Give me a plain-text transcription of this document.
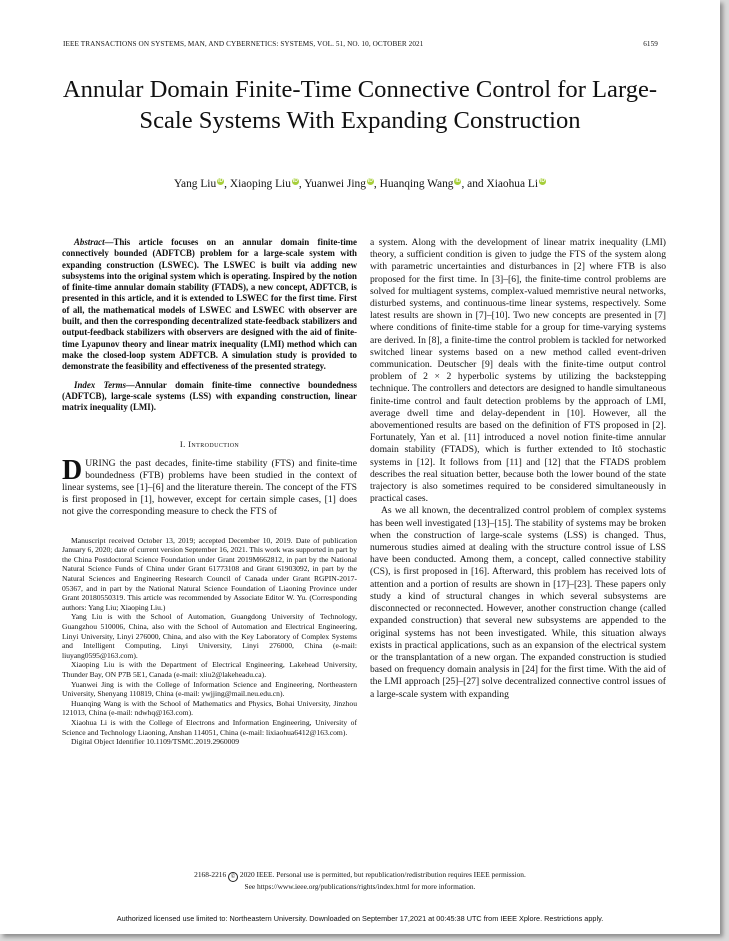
IEEE TRANSACTIONS ON SYSTEMS, MAN, AND CYBERNETICS: SYSTEMS, VOL. 51, NO. 10, OCTOBER 2021	6159
Annular Domain Finite-Time Connective Control for Large-Scale Systems With Expanding Construction
Yang Liu iD, Xiaoping Liu iD, Yuanwei Jing iD, Huanqing Wang iD, and Xiaohua Li iD

Abstract—This article focuses on an annular domain finite-time connectively bounded (ADFTCB) problem for a large-scale system with expanding construction (LSWEC). The LSWEC is built via adding new subsystems into the original system which is operating. Inspired by the notion of finite-time annular domain stability (FTADS), a new concept, ADFTCB, is presented in this article, and it is extended to LSWEC for the first time. First of all, the mathematical models of LSWEC and LSWEC with observer are built, and then the corresponding decentralized state-feedback stabilizers and output-feedback stabilizers with observers are designed with the aid of finite-time Lyapunov theory and linear matrix inequality (LMI) method which can make the closed-loop system ADFTCB. A simulation study is provided to demonstrate the feasibility and effectiveness of the presented strategy.

Index Terms—Annular domain finite-time connective boundedness (ADFTCB), large-scale systems (LSS) with expanding construction, linear matrix inequality (LMI).

I. Introduction

DURING the past decades, finite-time stability (FTS) and finite-time boundedness (FTB) problems have been studied in the context of linear systems, see [1]–[6] and the literature therein. The concept of the FTS is first proposed in [1], however, except for certain simple cases, [1] does not give the corresponding measure to check the FTS of

Manuscript received October 13, 2019; accepted December 10, 2019. Date of publication January 6, 2020; date of current version September 16, 2021. This work was supported in part by the China Postdoctoral Science Foundation under Grant 2019M662812, in part by the National Natural Science Funds of China under Grant 61773108 and Grant 61903092, in part by the Natural Sciences and Engineering Research Council of Canada under Grant RGPIN-2017-05367, and in part by the National Natural Science Foundation of Liaoning Province under Grant 20180550319. This article was recommended by Associate Editor W. Yu. (Corresponding authors: Yang Liu; Xiaoping Liu.)

Yang Liu is with the School of Automation, Guangdong University of Technology, Guangzhou 510006, China, also with the School of Automation and Electrical Engineering, Linyi University, Linyi 276000, China, and also with the Key Laboratory of Complex Systems and Intelligent Computing, Linyi University, Linyi 276000, China (e-mail: liuyang0595@163.com).

Xiaoping Liu is with the Department of Electrical Engineering, Lakehead University, Thunder Bay, ON P7B 5E1, Canada (e-mail: xliu2@lakeheadu.ca).

Yuanwei Jing is with the College of Information Science and Engineering, Northeastern University, Shenyang 110819, China (e-mail: ywjjing@mail.neu.edu.cn).

Huanqing Wang is with the School of Mathematics and Physics, Bohai University, Jinzhou 121013, China (e-mail: ndwhq@163.com).

Xiaohua Li is with the College of Electrons and Information Engineering, University of Science and Technology Liaoning, Anshan 114051, China (e-mail: lixiaohua6412@163.com).

Digital Object Identifier 10.1109/TSMC.2019.2960009

a system. Along with the development of linear matrix inequality (LMI) theory, a sufficient condition is given to judge the FTS of the system along with parametric uncertainties and disturbances in [2] where FTB is also proposed for the first time. In [3]–[6], the finite-time control problems are solved for multiagent systems, complex-valued memristive neural networks, disturbed systems, and continuous-time linear systems, respectively. Some latest results are shown in [7]–[10]. Two new concepts are presented in [7] where conditions of finite-time stable for a group for time-varying systems are derived. In [8], a finite-time the control problem is tackled for networked switched linear systems based on a new method called event-driven communication. Deutscher [9] deals with the finite-time output control problem of 2 × 2 hyperbolic systems by utilizing the backstepping technique. The controllers and detectors are designed to handle simultaneous finite-time control and fault detection problems by the approach of LMI, average dwell time and delay-dependent in [10]. However, all the abovementioned results are based on the definition of FTS proposed in [2]. Fortunately, Yan et al. [11] introduced a novel notion finite-time annular domain stability (FTADS), which is further extended to Itô stochastic systems in [12]. It follows from [11] and [12] that the FTADS problem describes the real situation better, because both the lower bound of the state trajectory is also sometimes required to be considered simultaneously in practical cases.

As we all known, the decentralized control problem of complex systems has been well investigated [13]–[15]. The stability of systems may be broken when the construction of large-scale systems (LSS) is changed. Thus, numerous studies aimed at dealing with the structure control issue of LSS have been conducted. Among them, a concept, called connective stability (CS), is first proposed in [16]. Afterward, this problem has received lots of attention and a portion of results are shown in [17]–[23]. These papers only study a kind of structural changes in which several subsystems are disconnected or reconnected. However, another construction change (called expanded construction) that several new subsystems are appended to the original systems has not been investigated. While, this situation always exists in practical applications, such as an expansion of the electrical system or the transplantation of a new organ. The expanded construction is studied based on frequency domain analysis in [24] for the first time. With the aid of the LMI approach [25]–[27] solve decentralized connective control issues of a large-scale system with expanding

2168-2216 © 2020 IEEE. Personal use is permitted, but republication/redistribution requires IEEE permission.
See https://www.ieee.org/publications/rights/index.html for more information.
Authorized licensed use limited to: Northeastern University. Downloaded on September 17,2021 at 00:45:38 UTC from IEEE Xplore. Restrictions apply.
